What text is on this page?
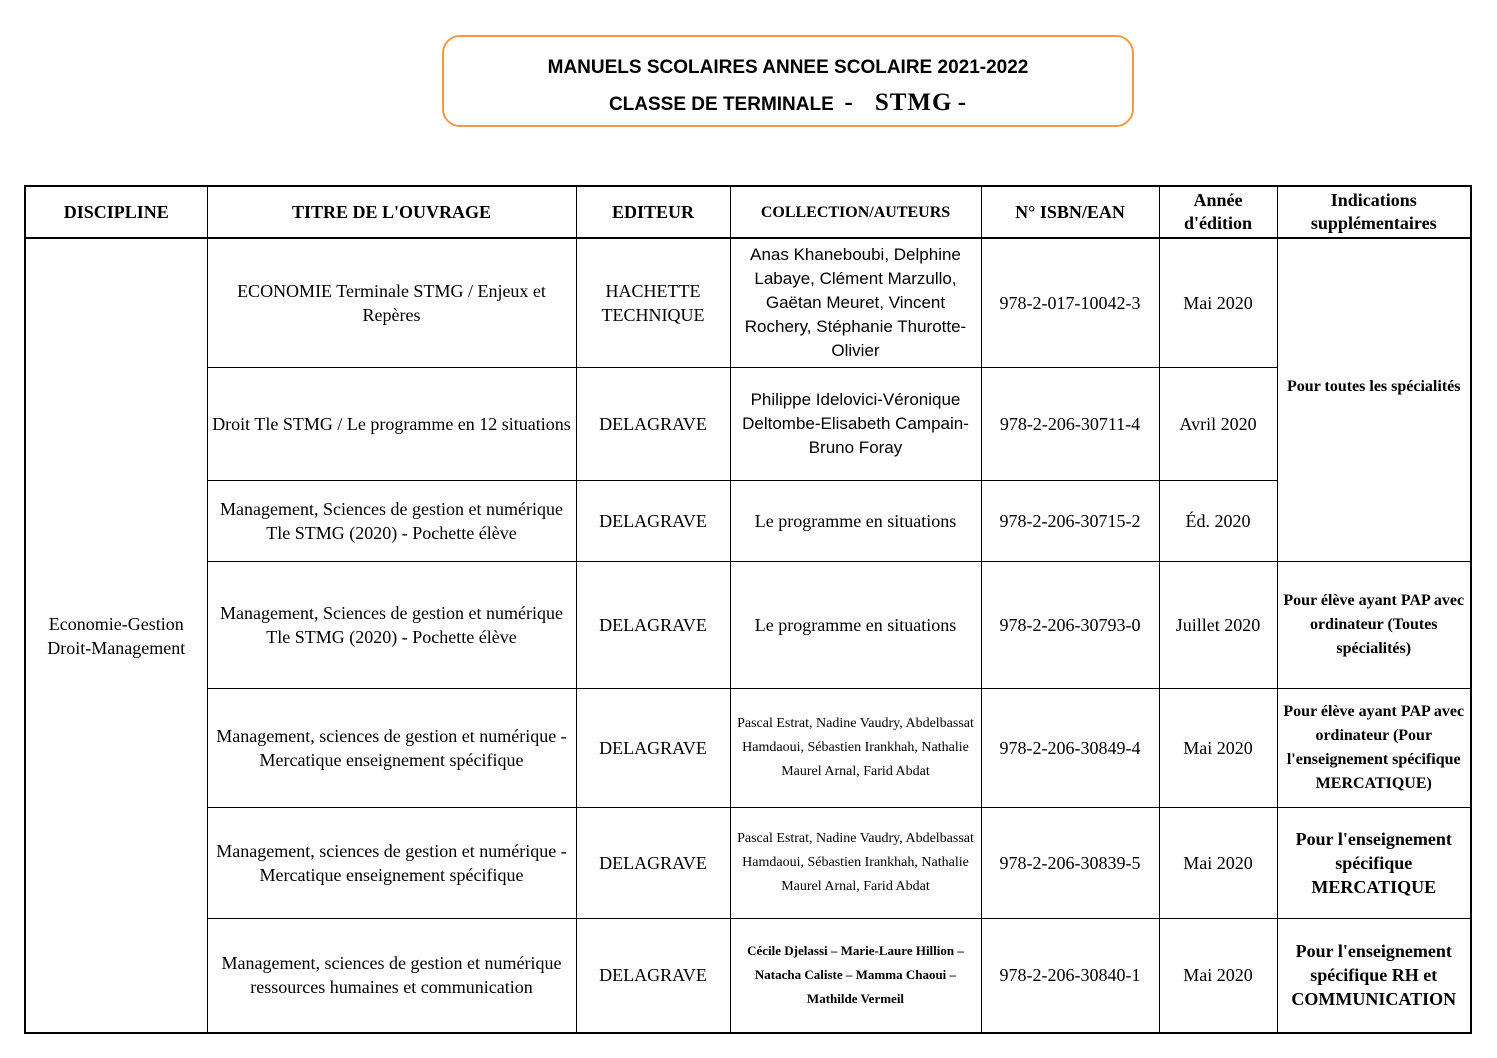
MANUELS SCOLAIRES ANNEE SCOLAIRE 2021-2022
CLASSE DE TERMINALE - STMG -
DISCIPLINE	TITRE DE L'OUVRAGE	EDITEUR	COLLECTION/AUTEURS	N° ISBN/EAN	Année d'édition	Indications supplémentaires
Economie-Gestion Droit-Management	ECONOMIE Terminale STMG / Enjeux et Repères	HACHETTE TECHNIQUE	Anas Khaneboubi, Delphine Labaye, Clément Marzullo, Gaëtan Meuret, Vincent Rochery, Stéphanie Thurotte-Olivier	978-2-017-10042-3	Mai 2020	Pour toutes les spécialités
	Droit Tle STMG / Le programme en 12 situations	DELAGRAVE	Philippe Idelovici-Véronique Deltombe-Elisabeth Campain-Bruno Foray	978-2-206-30711-4	Avril 2020	
	Management, Sciences de gestion et numérique Tle STMG (2020) - Pochette élève	DELAGRAVE	Le programme en situations	978-2-206-30715-2	Éd. 2020	
	Management, Sciences de gestion et numérique Tle STMG (2020) - Pochette élève	DELAGRAVE	Le programme en situations	978-2-206-30793-0	Juillet 2020	Pour élève ayant PAP avec ordinateur (Toutes spécialités)
	Management, sciences de gestion et numérique - Mercatique enseignement spécifique	DELAGRAVE	Pascal Estrat, Nadine Vaudry, Abdelbassat Hamdaoui, Sébastien Irankhah, Nathalie Maurel Arnal, Farid Abdat	978-2-206-30849-4	Mai 2020	Pour élève ayant PAP avec ordinateur (Pour l'enseignement spécifique MERCATIQUE)
	Management, sciences de gestion et numérique - Mercatique enseignement spécifique	DELAGRAVE	Pascal Estrat, Nadine Vaudry, Abdelbassat Hamdaoui, Sébastien Irankhah, Nathalie Maurel Arnal, Farid Abdat	978-2-206-30839-5	Mai 2020	Pour l'enseignement spécifique MERCATIQUE
	Management, sciences de gestion et numérique ressources humaines et communication	DELAGRAVE	Cécile Djelassi – Marie-Laure Hillion – Natacha Caliste – Mamma Chaoui – Mathilde Vermeil	978-2-206-30840-1	Mai 2020	Pour l'enseignement spécifique RH et COMMUNICATION
